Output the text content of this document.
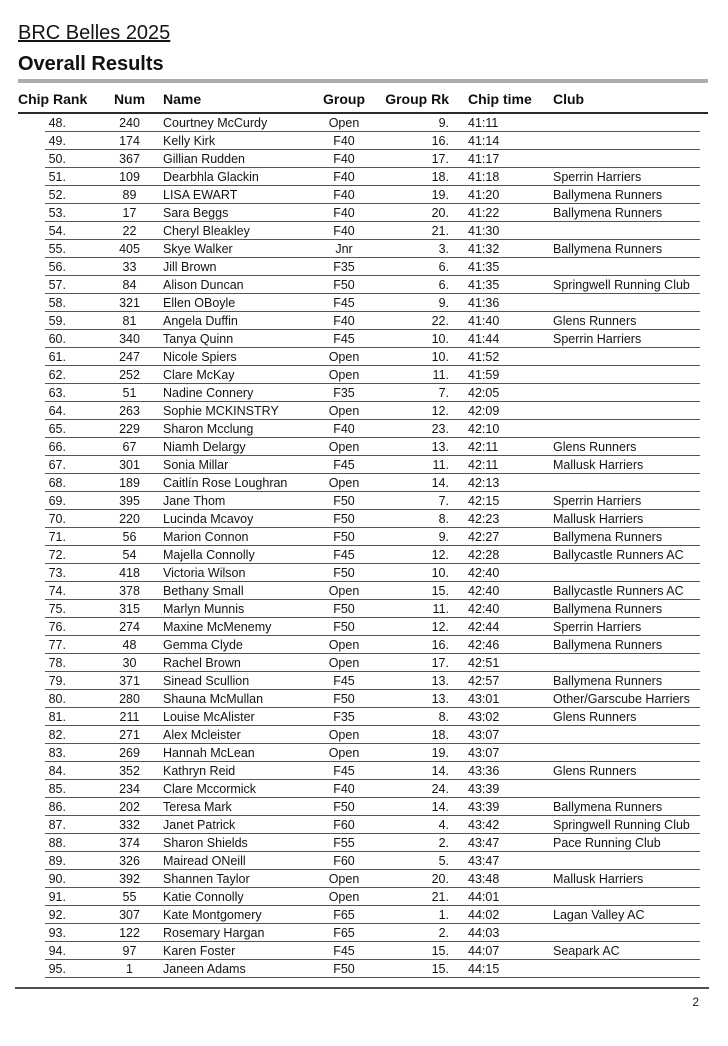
BRC Belles 2025
Overall Results
Chip Rank	Num	Name	Group	Group Rk	Chip time	Club
48.	240	Courtney McCurdy	Open	9.	41:11
49.	174	Kelly Kirk	F40	16.	41:14
50.	367	Gillian Rudden	F40	17.	41:17
51.	109	Dearbhla Glackin	F40	18.	41:18	Sperrin Harriers
52.	89	LISA EWART	F40	19.	41:20	Ballymena Runners
53.	17	Sara Beggs	F40	20.	41:22	Ballymena Runners
54.	22	Cheryl Bleakley	F40	21.	41:30
55.	405	Skye Walker	Jnr	3.	41:32	Ballymena Runners
56.	33	Jill Brown	F35	6.	41:35
57.	84	Alison Duncan	F50	6.	41:35	Springwell Running Club
58.	321	Ellen OBoyle	F45	9.	41:36
59.	81	Angela Duffin	F40	22.	41:40	Glens Runners
60.	340	Tanya Quinn	F45	10.	41:44	Sperrin Harriers
61.	247	Nicole Spiers	Open	10.	41:52
62.	252	Clare McKay	Open	11.	41:59
63.	51	Nadine Connery	F35	7.	42:05
64.	263	Sophie MCKINSTRY	Open	12.	42:09
65.	229	Sharon Mcclung	F40	23.	42:10
66.	67	Niamh Delargy	Open	13.	42:11	Glens Runners
67.	301	Sonia Millar	F45	11.	42:11	Mallusk Harriers
68.	189	Caitlín Rose Loughran	Open	14.	42:13
69.	395	Jane Thom	F50	7.	42:15	Sperrin Harriers
70.	220	Lucinda Mcavoy	F50	8.	42:23	Mallusk Harriers
71.	56	Marion Connon	F50	9.	42:27	Ballymena Runners
72.	54	Majella Connolly	F45	12.	42:28	Ballycastle Runners AC
73.	418	Victoria Wilson	F50	10.	42:40
74.	378	Bethany Small	Open	15.	42:40	Ballycastle Runners AC
75.	315	Marlyn Munnis	F50	11.	42:40	Ballymena Runners
76.	274	Maxine McMenemy	F50	12.	42:44	Sperrin Harriers
77.	48	Gemma Clyde	Open	16.	42:46	Ballymena Runners
78.	30	Rachel Brown	Open	17.	42:51
79.	371	Sinead Scullion	F45	13.	42:57	Ballymena Runners
80.	280	Shauna McMullan	F50	13.	43:01	Other/Garscube Harriers
81.	211	Louise McAlister	F35	8.	43:02	Glens Runners
82.	271	Alex Mcleister	Open	18.	43:07
83.	269	Hannah McLean	Open	19.	43:07
84.	352	Kathryn Reid	F45	14.	43:36	Glens Runners
85.	234	Clare Mccormick	F40	24.	43:39
86.	202	Teresa Mark	F50	14.	43:39	Ballymena Runners
87.	332	Janet Patrick	F60	4.	43:42	Springwell Running Club
88.	374	Sharon Shields	F55	2.	43:47	Pace Running Club
89.	326	Mairead ONeill	F60	5.	43:47
90.	392	Shannen Taylor	Open	20.	43:48	Mallusk Harriers
91.	55	Katie Connolly	Open	21.	44:01
92.	307	Kate Montgomery	F65	1.	44:02	Lagan Valley AC
93.	122	Rosemary Hargan	F65	2.	44:03
94.	97	Karen Foster	F45	15.	44:07	Seapark AC
95.	1	Janeen Adams	F50	15.	44:15
2
